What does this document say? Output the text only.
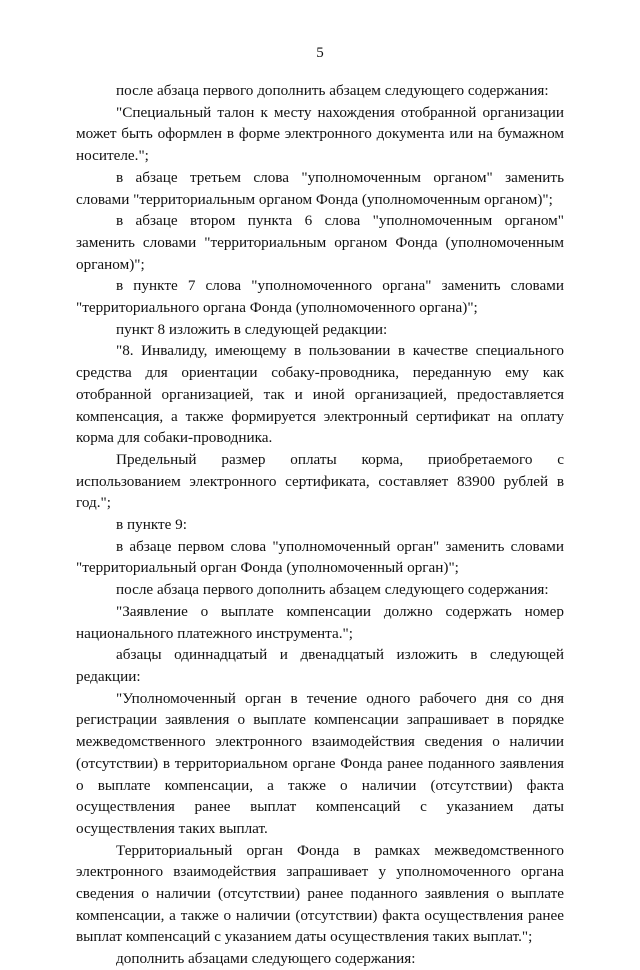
5

после абзаца первого дополнить абзацем следующего содержания:

"Специальный талон к месту нахождения отобранной организации может быть оформлен в форме электронного документа или на бумажном носителе.";

в абзаце третьем слова "уполномоченным органом" заменить словами "территориальным органом Фонда (уполномоченным органом)";

в абзаце втором пункта 6 слова "уполномоченным органом" заменить словами "территориальным органом Фонда (уполномоченным органом)";

в пункте 7 слова "уполномоченного органа" заменить словами "территориального органа Фонда (уполномоченного органа)";

пункт 8 изложить в следующей редакции:

"8. Инвалиду, имеющему в пользовании в качестве специального средства для ориентации собаку-проводника, переданную ему как отобранной организацией, так и иной организацией, предоставляется компенсация, а также формируется электронный сертификат на оплату корма для собаки-проводника.

Предельный размер оплаты корма, приобретаемого с использованием электронного сертификата, составляет 83900 рублей в год.";

в пункте 9:

в абзаце первом слова "уполномоченный орган" заменить словами "территориальный орган Фонда (уполномоченный орган)";

после абзаца первого дополнить абзацем следующего содержания:

"Заявление о выплате компенсации должно содержать номер национального платежного инструмента.";

абзацы одиннадцатый и двенадцатый изложить в следующей редакции:

"Уполномоченный орган в течение одного рабочего дня со дня регистрации заявления о выплате компенсации запрашивает в порядке межведомственного электронного взаимодействия сведения о наличии (отсутствии) в территориальном органе Фонда ранее поданного заявления о выплате компенсации, а также о наличии (отсутствии) факта осуществления ранее выплат компенсаций с указанием даты осуществления таких выплат.

Территориальный орган Фонда в рамках межведомственного электронного взаимодействия запрашивает у уполномоченного органа сведения о наличии (отсутствии) ранее поданного заявления о выплате компенсации, а также о наличии (отсутствии) факта осуществления ранее выплат компенсаций с указанием даты осуществления таких выплат.";

дополнить абзацами следующего содержания:
